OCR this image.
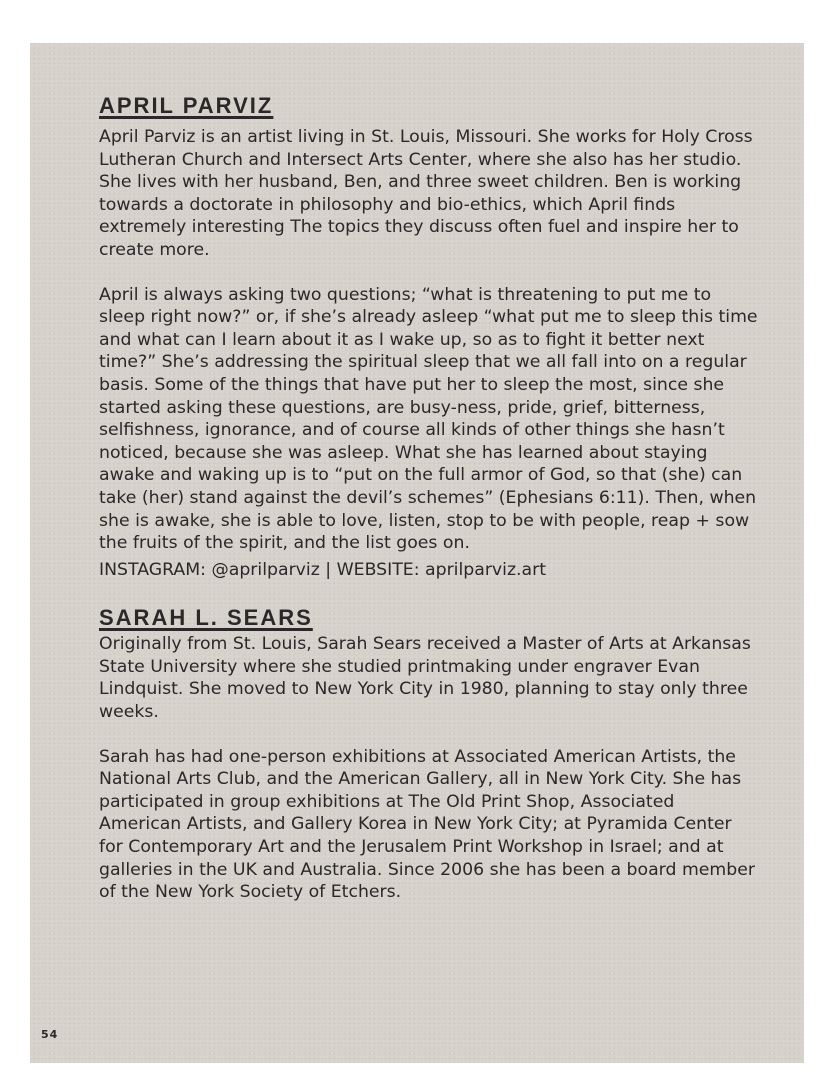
APRIL PARVIZ

April Parviz is an artist living in St. Louis, Missouri. She works for Holy Cross Lutheran Church and Intersect Arts Center, where she also has her studio. She lives with her husband, Ben, and three sweet children. Ben is working towards a doctorate in philosophy and bio-ethics, which April finds extremely interesting The topics they discuss often fuel and inspire her to create more.

April is always asking two questions; “what is threatening to put me to sleep right now?” or, if she’s already asleep “what put me to sleep this time and what can I learn about it as I wake up, so as to fight it better next time?” She’s addressing the spiritual sleep that we all fall into on a regular basis. Some of the things that have put her to sleep the most, since she started asking these questions, are busy-ness, pride, grief, bitterness, selfishness, ignorance, and of course all kinds of other things she hasn’t noticed, because she was asleep. What she has learned about staying awake and waking up is to “put on the full armor of God, so that (she) can take (her) stand against the devil’s schemes” (Ephesians 6:11). Then, when she is awake, she is able to love, listen, stop to be with people, reap + sow the fruits of the spirit, and the list goes on.

INSTAGRAM: @aprilparviz | WEBSITE: aprilparviz.art

SARAH L. SEARS

Originally from St. Louis, Sarah Sears received a Master of Arts at Arkansas State University where she studied printmaking under engraver Evan Lindquist. She moved to New York City in 1980, planning to stay only three weeks.

Sarah has had one-person exhibitions at Associated American Artists, the National Arts Club, and the American Gallery, all in New York City. She has participated in group exhibitions at The Old Print Shop, Associated American Artists, and Gallery Korea in New York City; at Pyramida Center for Contemporary Art and the Jerusalem Print Workshop in Israel; and at galleries in the UK and Australia. Since 2006 she has been a board member of the New York Society of Etchers.

54
